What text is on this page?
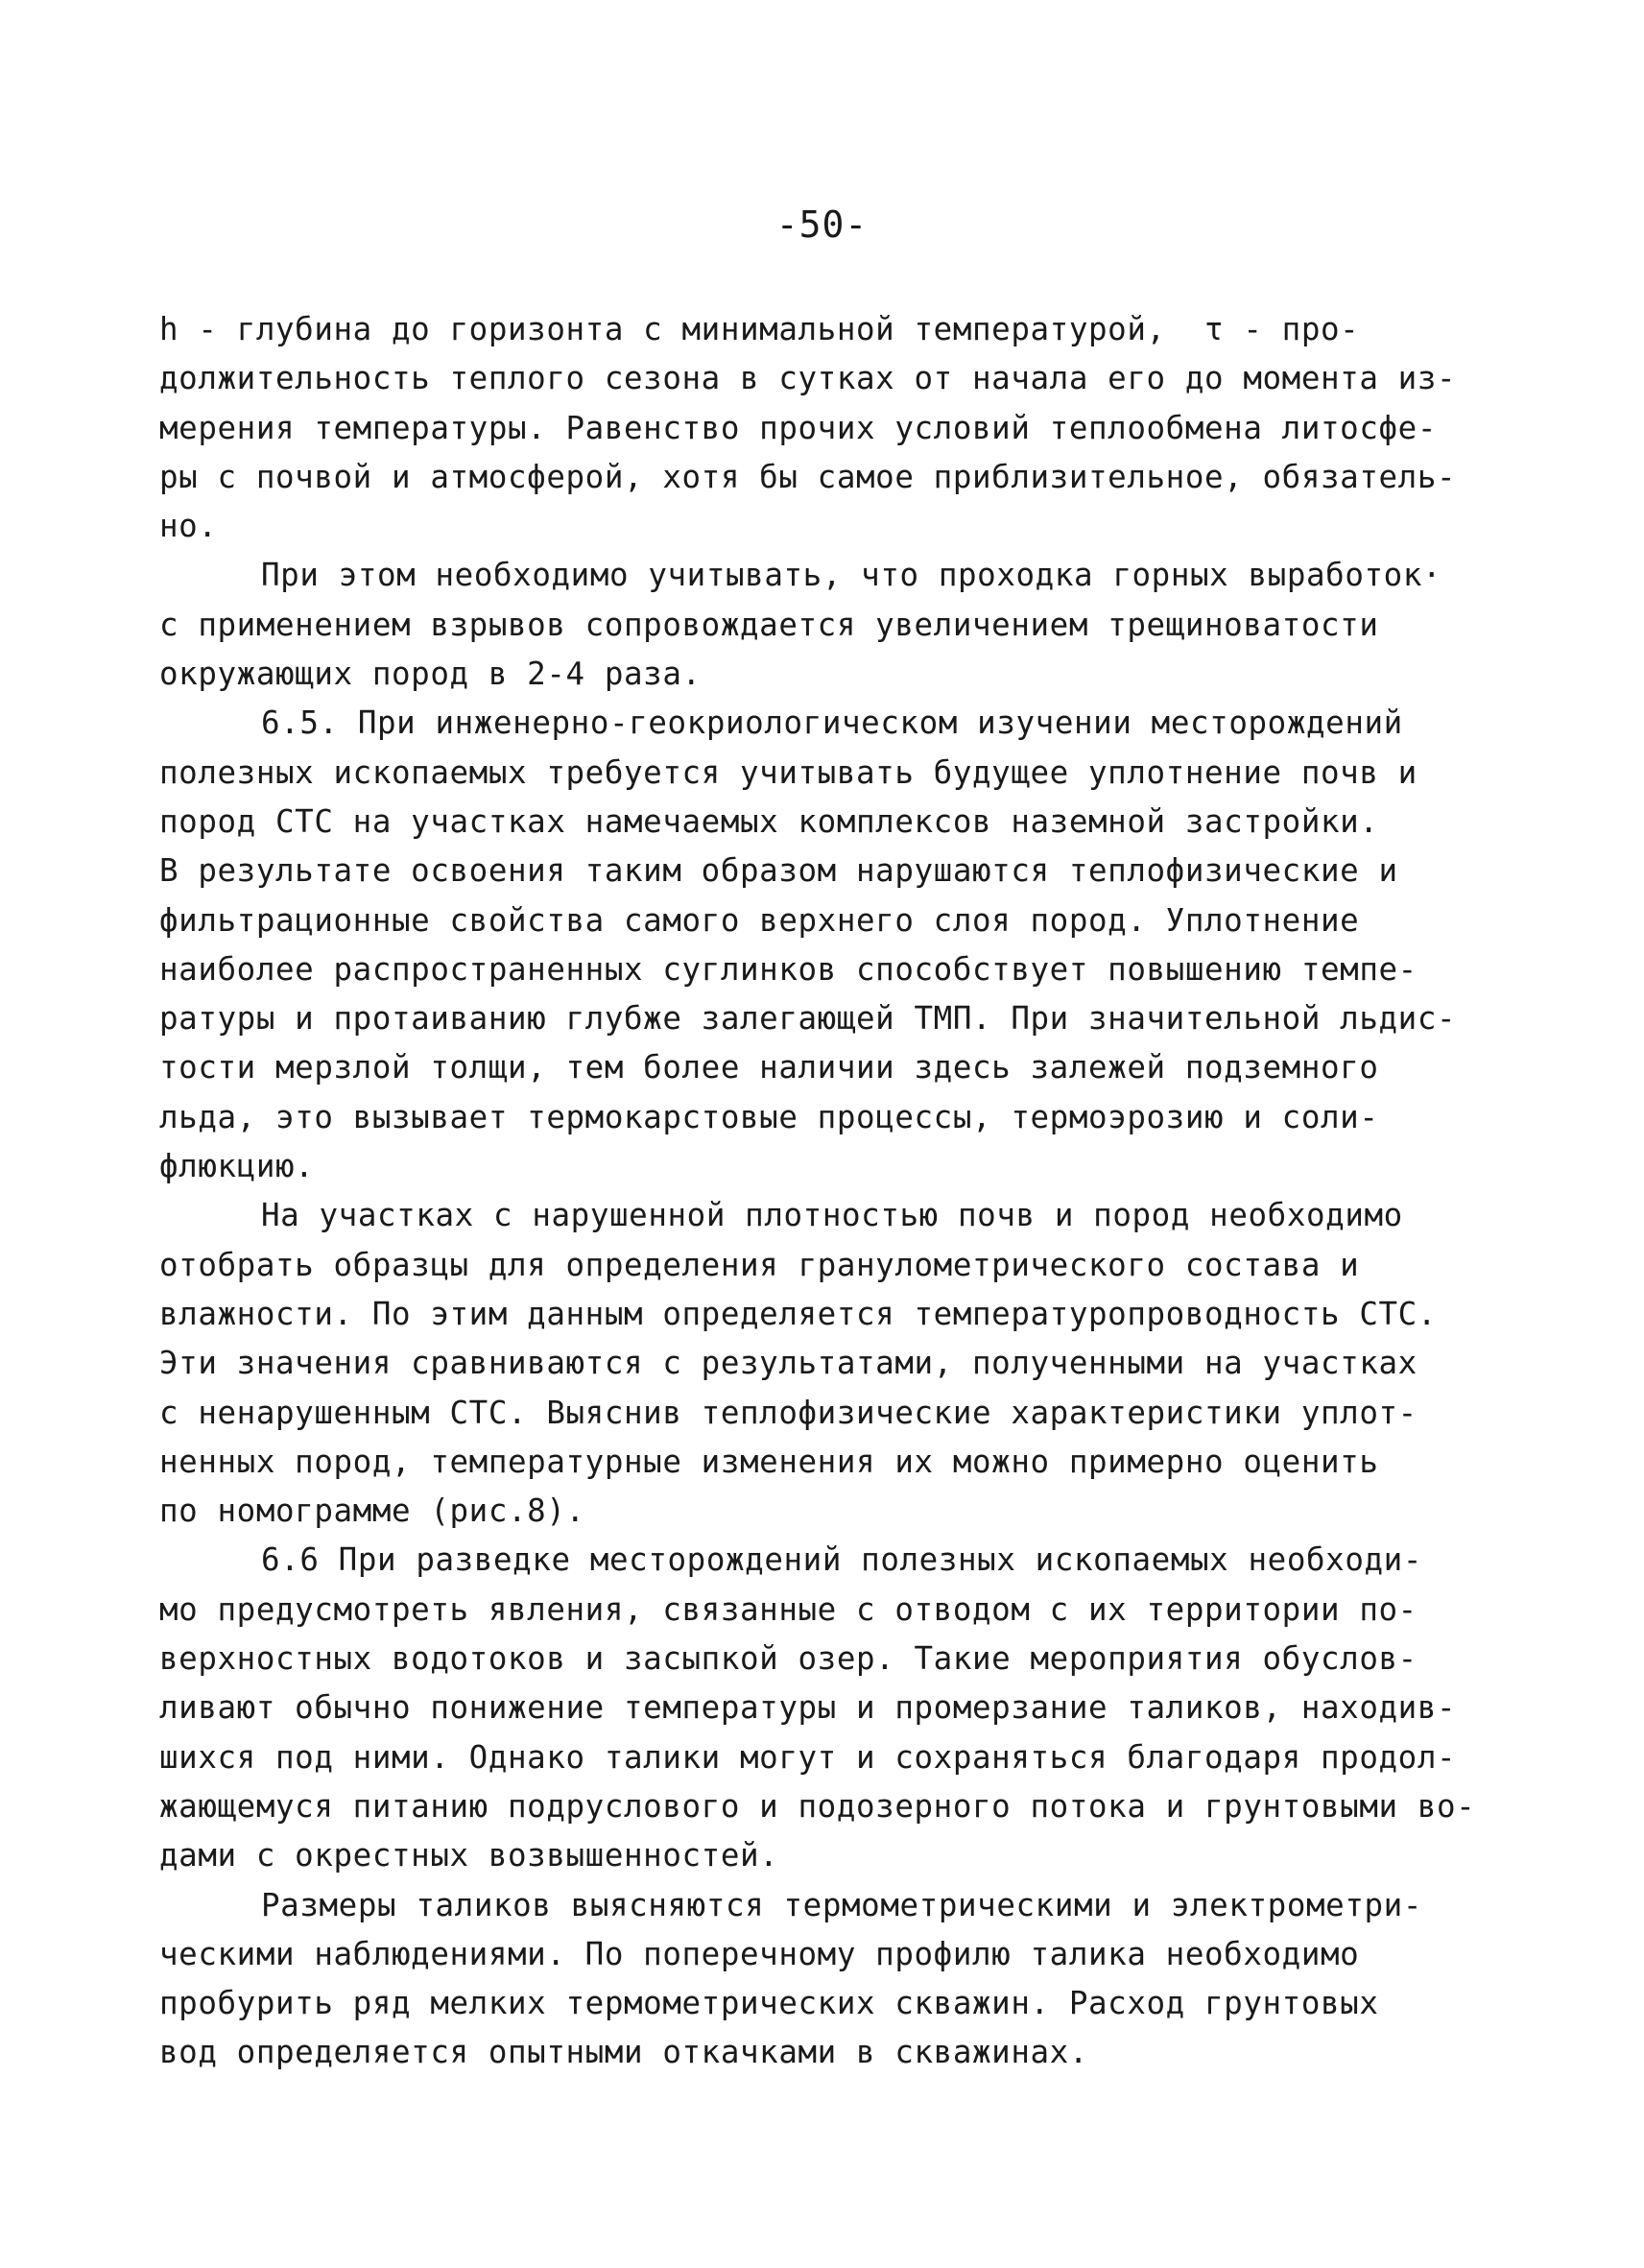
-50-
h - глубина до горизонта с минимальной температурой,  τ - про-
должительность теплого сезона в сутках от начала его до момента из-
мерения температуры. Равенство прочих условий теплообмена литосфе-
ры с почвой и атмосферой, хотя бы самое приблизительное, обязатель-
но.
При этом необходимо учитывать, что проходка горных выработок·
с применением взрывов сопровождается увеличением трещиноватости
окружающих пород в 2-4 раза.
6.5. При инженерно-геокриологическом изучении месторождений
полезных ископаемых требуется учитывать будущее уплотнение почв и
пород СТС на участках намечаемых комплексов наземной застройки.
В результате освоения таким образом нарушаются теплофизические и
фильтрационные свойства самого верхнего слоя пород. Уплотнение
наиболее распространенных суглинков способствует повышению темпе-
ратуры и протаиванию глубже залегающей ТМП. При значительной льдис-
тости мерзлой толщи, тем более наличии здесь залежей подземного
льда, это вызывает термокарстовые процессы, термоэрозию и соли-
флюкцию.
На участках с нарушенной плотностью почв и пород необходимо
отобрать образцы для определения гранулометрического состава и
влажности. По этим данным определяется температуропроводность СТС.
Эти значения сравниваются с результатами, полученными на участках
с ненарушенным СТС. Выяснив теплофизические характеристики уплот-
ненных пород, температурные изменения их можно примерно оценить
по номограмме (рис.8).
6.6 При разведке месторождений полезных ископаемых необходи-
мо предусмотреть явления, связанные с отводом с их территории по-
верхностных водотоков и засыпкой озер. Такие мероприятия обуслов-
ливают обычно понижение температуры и промерзание таликов, находив-
шихся под ними. Однако талики могут и сохраняться благодаря продол-
жающемуся питанию подруслового и подозерного потока и грунтовыми во-
дами с окрестных возвышенностей.
Размеры таликов выясняются термометрическими и электрометри-
ческими наблюдениями. По поперечному профилю талика необходимо
пробурить ряд мелких термометрических скважин. Расход грунтовых
вод определяется опытными откачками в скважинах.
